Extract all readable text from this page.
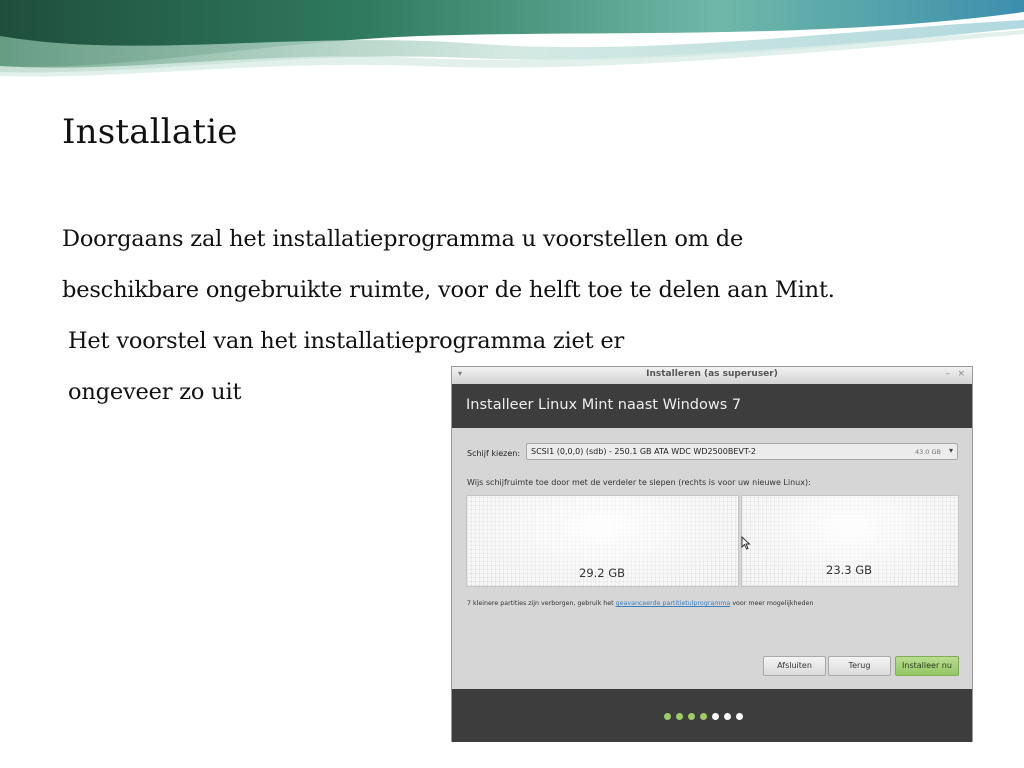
Installatie
Doorgaans zal het installatieprogramma u voorstellen om de
beschikbare ongebruikte ruimte, voor de helft toe te delen aan Mint.
Het voorstel van het installatieprogramma ziet er
ongeveer zo uit
▾	Installeren (as superuser)	– ×
Installeer Linux Mint naast Windows 7
Schijf kiezen: SCSI1 (0,0,0) (sdb) - 250.1 GB ATA WDC WD2500BEVT-2	43.0 GB ▾
Wijs schijfruimte toe door met de verdeler te slepen (rechts is voor uw nieuwe Linux):
29.2 GB	23.3 GB
7 kleinere partities zijn verborgen, gebruik het geavanceerde partitietulprogramma voor meer mogelijkheden
Afsluiten	Terug	Installeer nu
